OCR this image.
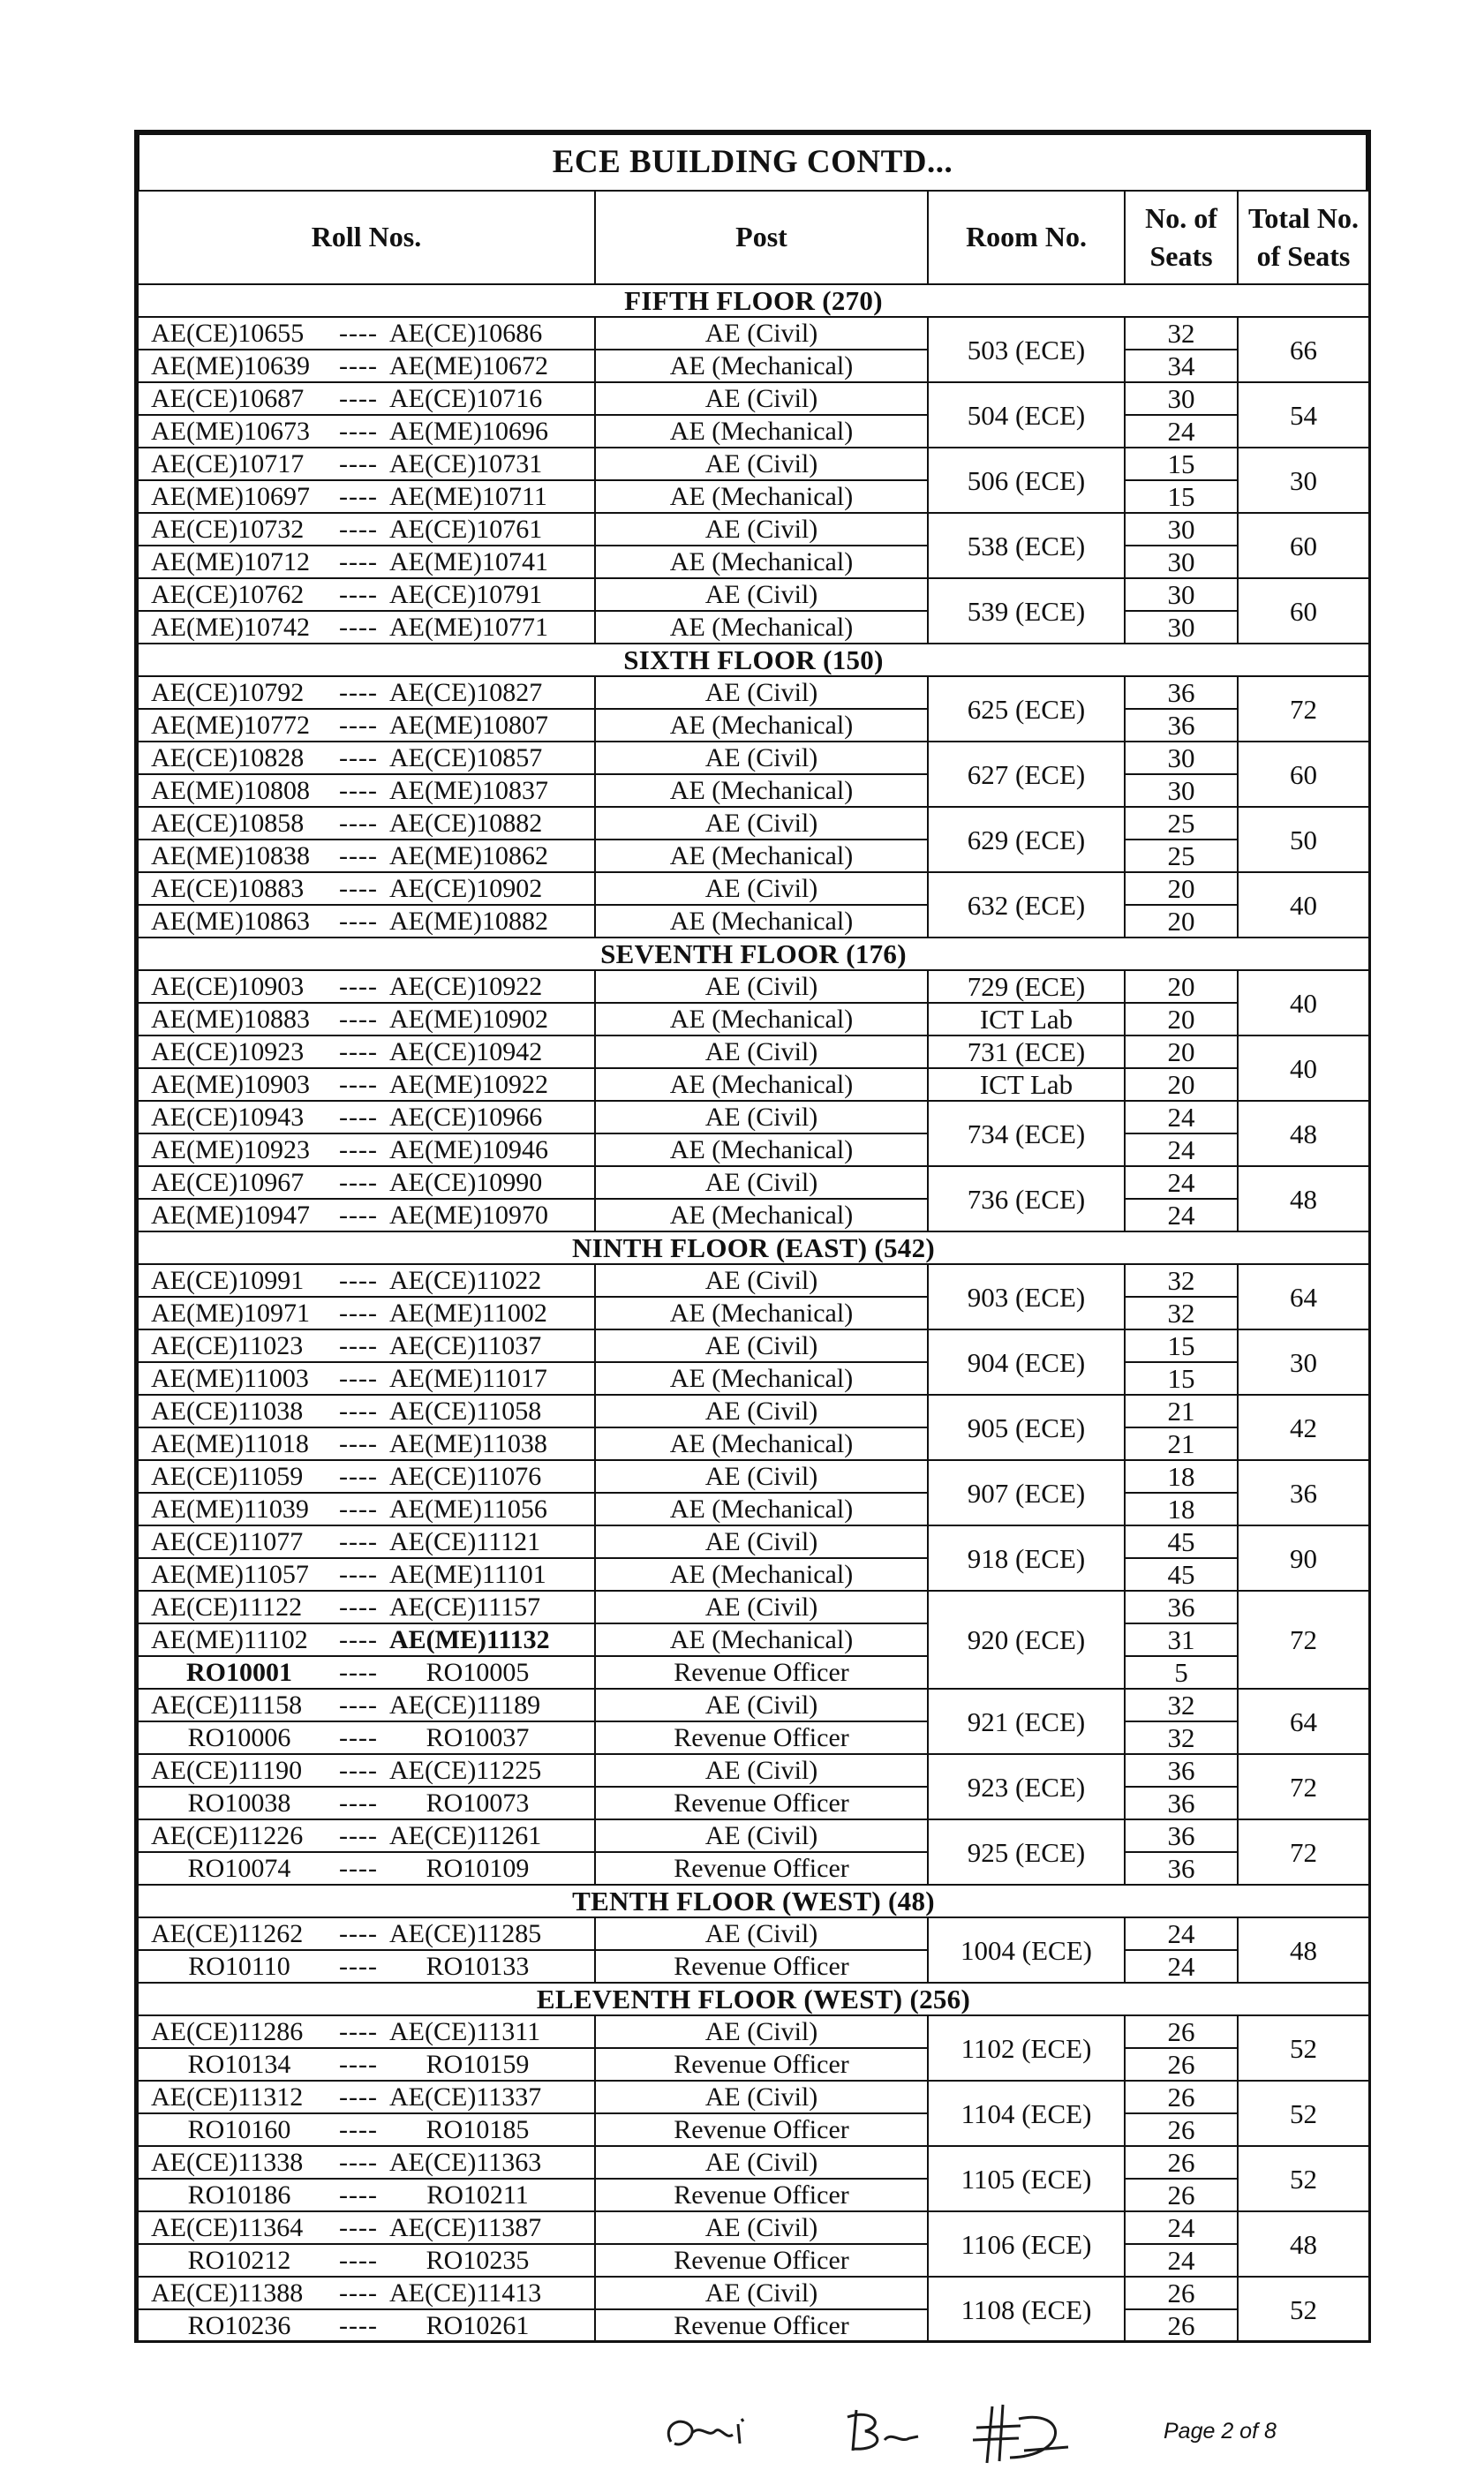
ECE BUILDING CONTD...
Roll Nos.	Post	Room No.	No. of Seats	Total No. of Seats
FIFTH FLOOR (270)				
AE(CE)10655 ---- AE(CE)10686	AE (Civil)	503 (ECE)	32	66
AE(ME)10639 ---- AE(ME)10672	AE (Mechanical)		34	
AE(CE)10687 ---- AE(CE)10716	AE (Civil)	504 (ECE)	30	54
AE(ME)10673 ---- AE(ME)10696	AE (Mechanical)		24	
AE(CE)10717 ---- AE(CE)10731	AE (Civil)	506 (ECE)	15	30
AE(ME)10697 ---- AE(ME)10711	AE (Mechanical)		15	
AE(CE)10732 ---- AE(CE)10761	AE (Civil)	538 (ECE)	30	60
AE(ME)10712 ---- AE(ME)10741	AE (Mechanical)		30	
AE(CE)10762 ---- AE(CE)10791	AE (Civil)	539 (ECE)	30	60
AE(ME)10742 ---- AE(ME)10771	AE (Mechanical)		30	
SIXTH FLOOR (150)				
AE(CE)10792 ---- AE(CE)10827	AE (Civil)	625 (ECE)	36	72
AE(ME)10772 ---- AE(ME)10807	AE (Mechanical)		36	
AE(CE)10828 ---- AE(CE)10857	AE (Civil)	627 (ECE)	30	60
AE(ME)10808 ---- AE(ME)10837	AE (Mechanical)		30	
AE(CE)10858 ---- AE(CE)10882	AE (Civil)	629 (ECE)	25	50
AE(ME)10838 ---- AE(ME)10862	AE (Mechanical)		25	
AE(CE)10883 ---- AE(CE)10902	AE (Civil)	632 (ECE)	20	40
AE(ME)10863 ---- AE(ME)10882	AE (Mechanical)		20	
SEVENTH FLOOR (176)				
AE(CE)10903 ---- AE(CE)10922	AE (Civil)	729 (ECE)	20	40
AE(ME)10883 ---- AE(ME)10902	AE (Mechanical)	ICT Lab	20	
AE(CE)10923 ---- AE(CE)10942	AE (Civil)	731 (ECE)	20	40
AE(ME)10903 ---- AE(ME)10922	AE (Mechanical)	ICT Lab	20	
AE(CE)10943 ---- AE(CE)10966	AE (Civil)	734 (ECE)	24	48
AE(ME)10923 ---- AE(ME)10946	AE (Mechanical)		24	
AE(CE)10967 ---- AE(CE)10990	AE (Civil)	736 (ECE)	24	48
AE(ME)10947 ---- AE(ME)10970	AE (Mechanical)		24	
NINTH FLOOR (EAST) (542)				
AE(CE)10991 ---- AE(CE)11022	AE (Civil)	903 (ECE)	32	64
AE(ME)10971 ---- AE(ME)11002	AE (Mechanical)		32	
AE(CE)11023 ---- AE(CE)11037	AE (Civil)	904 (ECE)	15	30
AE(ME)11003 ---- AE(ME)11017	AE (Mechanical)		15	
AE(CE)11038 ---- AE(CE)11058	AE (Civil)	905 (ECE)	21	42
AE(ME)11018 ---- AE(ME)11038	AE (Mechanical)		21	
AE(CE)11059 ---- AE(CE)11076	AE (Civil)	907 (ECE)	18	36
AE(ME)11039 ---- AE(ME)11056	AE (Mechanical)		18	
AE(CE)11077 ---- AE(CE)11121	AE (Civil)	918 (ECE)	45	90
AE(ME)11057 ---- AE(ME)11101	AE (Mechanical)		45	
AE(CE)11122 ---- AE(CE)11157	AE (Civil)	920 (ECE)	36	72
AE(ME)11102 ---- AE(ME)11132	AE (Mechanical)		31	
RO10001 ---- RO10005	Revenue Officer		5	
AE(CE)11158 ---- AE(CE)11189	AE (Civil)	921 (ECE)	32	64
RO10006 ---- RO10037	Revenue Officer		32	
AE(CE)11190 ---- AE(CE)11225	AE (Civil)	923 (ECE)	36	72
RO10038 ---- RO10073	Revenue Officer		36	
AE(CE)11226 ---- AE(CE)11261	AE (Civil)	925 (ECE)	36	72
RO10074 ---- RO10109	Revenue Officer		36	
TENTH FLOOR (WEST) (48)				
AE(CE)11262 ---- AE(CE)11285	AE (Civil)	1004 (ECE)	24	48
RO10110 ---- RO10133	Revenue Officer		24	
ELEVENTH FLOOR (WEST) (256)				
AE(CE)11286 ---- AE(CE)11311	AE (Civil)	1102 (ECE)	26	52
RO10134 ---- RO10159	Revenue Officer		26	
AE(CE)11312 ---- AE(CE)11337	AE (Civil)	1104 (ECE)	26	52
RO10160 ---- RO10185	Revenue Officer		26	
AE(CE)11338 ---- AE(CE)11363	AE (Civil)	1105 (ECE)	26	52
RO10186 ---- RO10211	Revenue Officer		26	
AE(CE)11364 ---- AE(CE)11387	AE (Civil)	1106 (ECE)	24	48
RO10212 ---- RO10235	Revenue Officer		24	
AE(CE)11388 ---- AE(CE)11413	AE (Civil)	1108 (ECE)	26	52
RO10236 ---- RO10261	Revenue Officer		26	
Page 2 of 8
